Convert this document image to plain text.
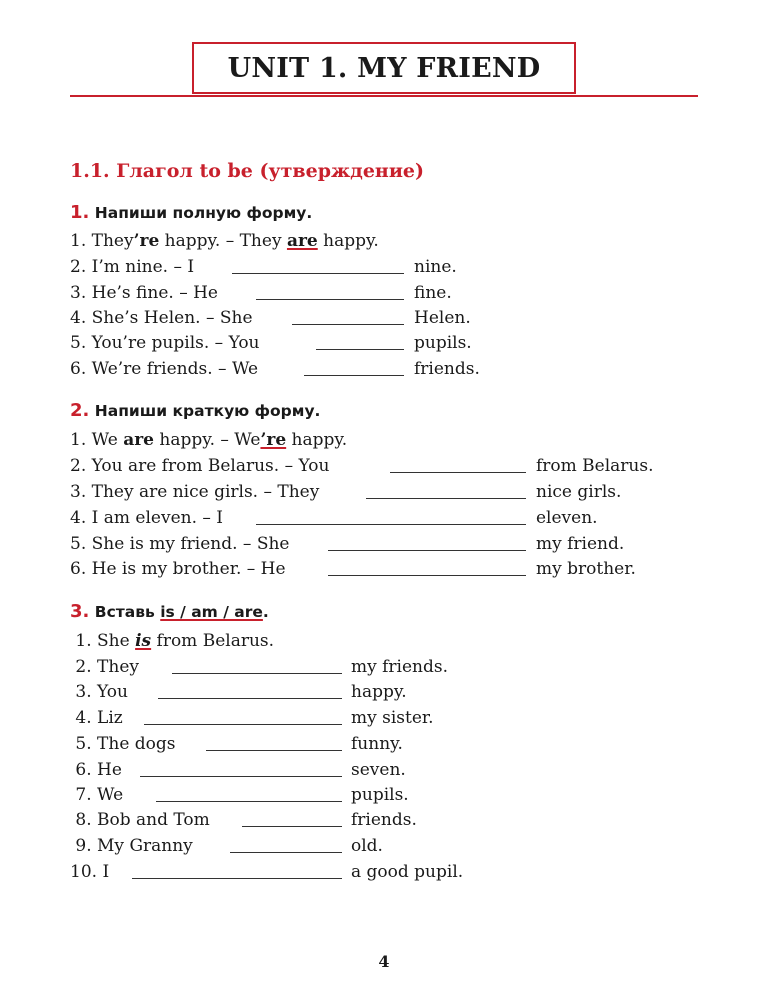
UNIT 1. MY FRIEND
1.1. Глагол to be (утверждение)
1. Напиши полную форму.
1. They’re happy. – They are happy.
2. I’m nine. – I	nine.
3. He’s fine. – He	fine.
4. She’s Helen. – She	Helen.
5. You’re pupils. – You	pupils.
6. We’re friends. – We	friends.
2. Напиши краткую форму.
1. We are happy. – We’re happy.
2. You are from Belarus. – You	from Belarus.
3. They are nice girls. – They	nice girls.
4. I am eleven. – I	eleven.
5. She is my friend. – She	my friend.
6. He is my brother. – He	my brother.
3. Вставь is / am / are.
1. She is from Belarus.
2. They	my friends.
3. You	happy.
4. Liz	my sister.
5. The dogs	funny.
6. He	seven.
7. We	pupils.
8. Bob and Tom	friends.
9. My Granny	old.
10. I	a good pupil.
4
